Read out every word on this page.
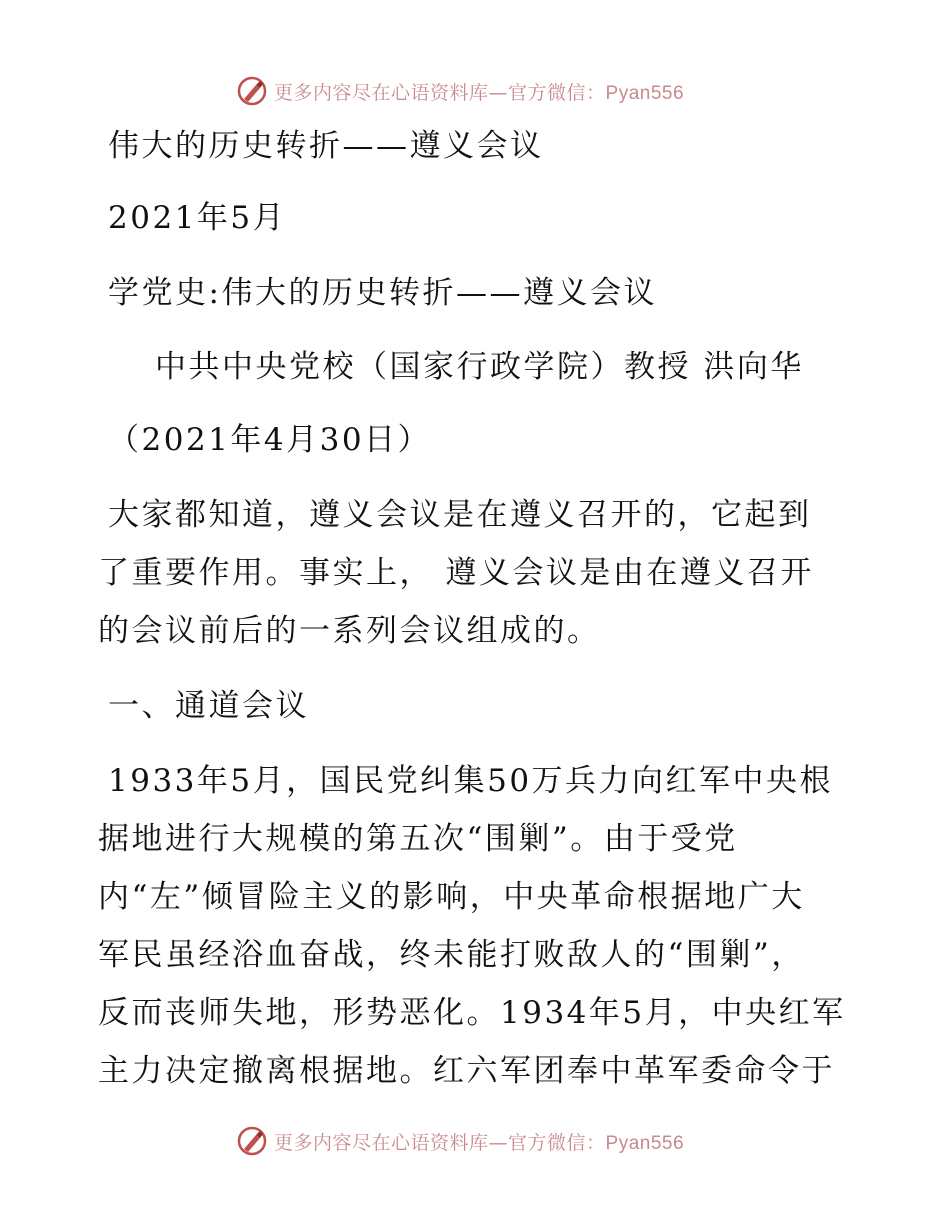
更多内容尽在心语资料库—官方微信：Pyan556
伟大的历史转折——遵义会议
2021年5月
学党史:伟大的历史转折——遵义会议
中共中央党校（国家行政学院）教授 洪向华
（2021年4月30日）
大家都知道，遵义会议是在遵义召开的，它起到
了重要作用。事实上， 遵义会议是由在遵义召开
的会议前后的一系列会议组成的。
一、通道会议
1933年5月，国民党纠集50万兵力向红军中央根
据地进行大规模的第五次“围剿”。由于受党
内“左”倾冒险主义的影响，中央革命根据地广大
军民虽经浴血奋战，终未能打败敌人的“围剿”，
反而丧师失地，形势恶化。1934年5月，中央红军
主力决定撤离根据地。红六军团奉中革军委命令于
更多内容尽在心语资料库—官方微信：Pyan556
